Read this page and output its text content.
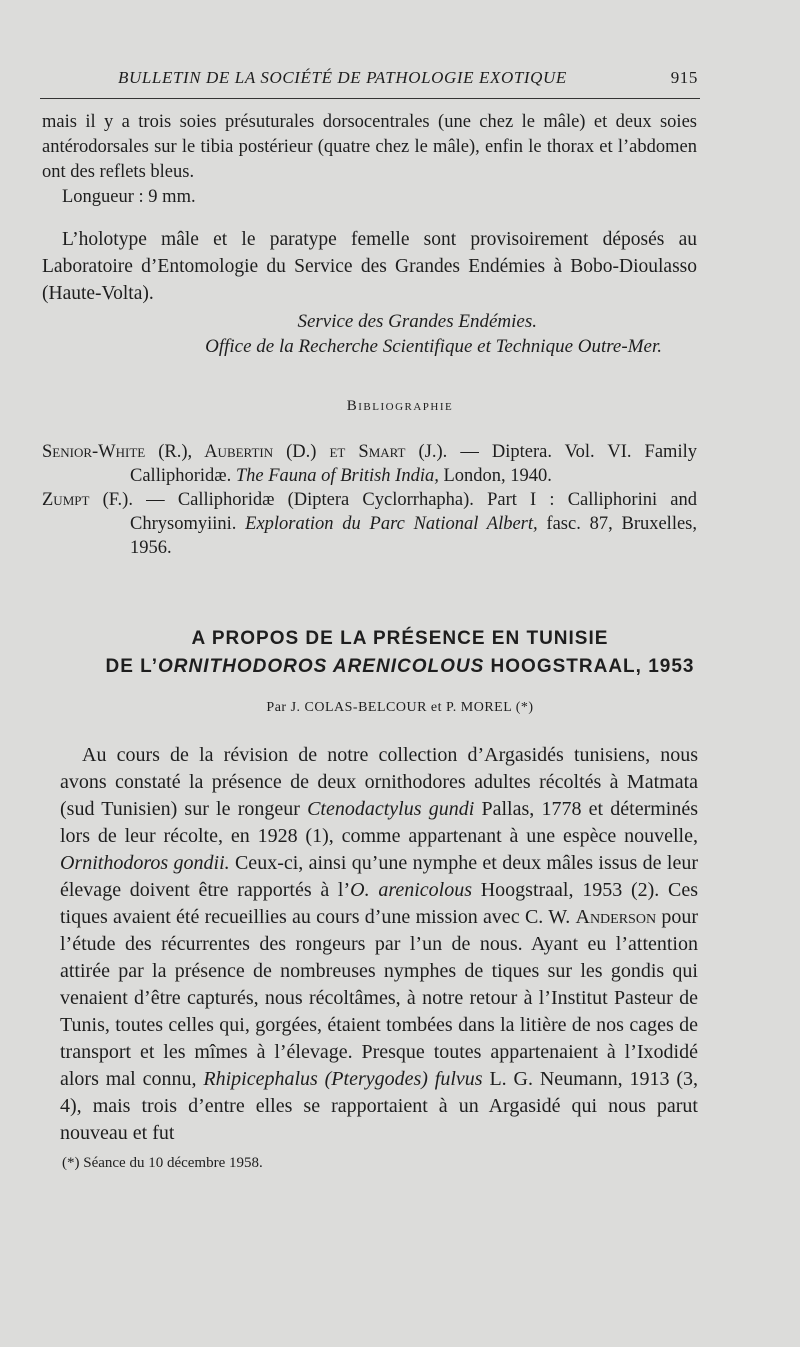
BULLETIN DE LA SOCIÉTÉ DE PATHOLOGIE EXOTIQUE	915
mais il y a trois soies présuturales dorsocentrales (une chez le mâle) et deux soies antérodorsales sur le tibia postérieur (quatre chez le mâle), enfin le thorax et l’abdomen ont des reflets bleus.
Longueur : 9 mm.
L’holotype mâle et le paratype femelle sont provisoirement déposés au Laboratoire d’Entomologie du Service des Grandes Endémies à Bobo-Dioulasso (Haute-Volta).
Service des Grandes Endémies.
Office de la Recherche Scientifique et Technique Outre-Mer.
Bibliographie
Senior-White (R.), Aubertin (D.) et Smart (J.). — Diptera. Vol. VI. Family Calliphoridæ. The Fauna of British India, London, 1940.
Zumpt (F.). — Calliphoridæ (Diptera Cyclorrhapha). Part I : Calliphorini and Chrysomyiini. Exploration du Parc National Albert, fasc. 87, Bruxelles, 1956.
A PROPOS DE LA PRÉSENCE EN TUNISIE
DE L’ORNITHODOROS ARENICOLOUS HOOGSTRAAL, 1953
Par J. COLAS-BELCOUR et P. MOREL (*)
Au cours de la révision de notre collection d’Argasidés tunisiens, nous avons constaté la présence de deux ornithodores adultes récoltés à Matmata (sud Tunisien) sur le rongeur Ctenodactylus gundi Pallas, 1778 et déterminés lors de leur récolte, en 1928 (1), comme appartenant à une espèce nouvelle, Ornithodoros gondii. Ceux-ci, ainsi qu’une nymphe et deux mâles issus de leur élevage doivent être rapportés à l’O. arenicolous Hoogstraal, 1953 (2). Ces tiques avaient été recueillies au cours d’une mission avec C. W. Anderson pour l’étude des récurrentes des rongeurs par l’un de nous. Ayant eu l’attention attirée par la présence de nombreuses nymphes de tiques sur les gondis qui venaient d’être capturés, nous récoltâmes, à notre retour à l’Institut Pasteur de Tunis, toutes celles qui, gorgées, étaient tombées dans la litière de nos cages de transport et les mîmes à l’élevage. Presque toutes appartenaient à l’Ixodidé alors mal connu, Rhipicephalus (Pterygodes) fulvus L. G. Neumann, 1913 (3, 4), mais trois d’entre elles se rapportaient à un Argasidé qui nous parut nouveau et fut
(*) Séance du 10 décembre 1958.
